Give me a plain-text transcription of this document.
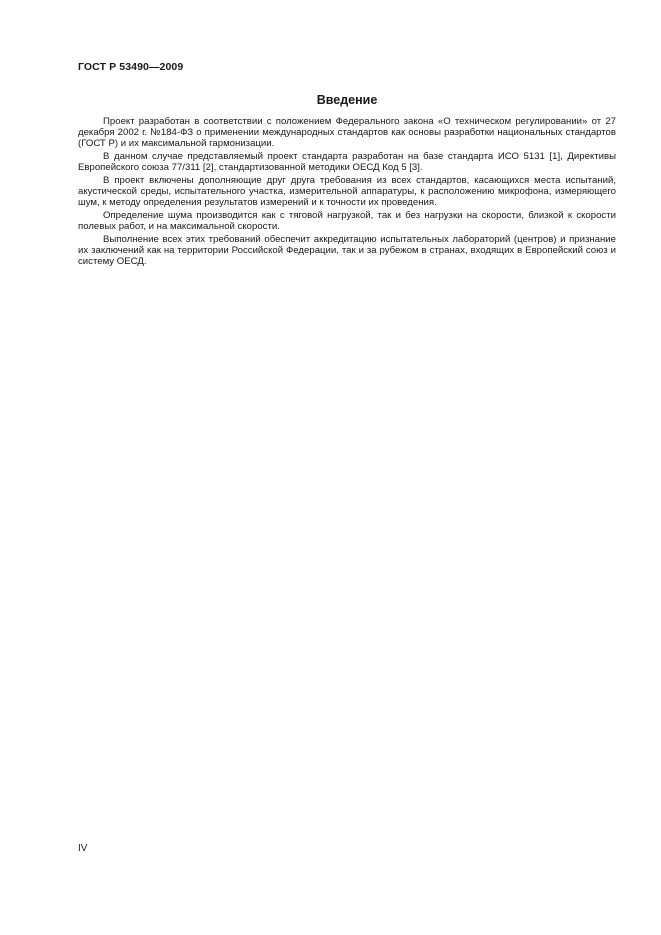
ГОСТ Р 53490—2009
Введение

Проект разработан в соответствии с положением Федерального закона «О техническом регулировании» от 27 декабря 2002 г. №184-ФЗ о применении международных стандартов как основы разработки национальных стандартов (ГОСТ Р) и их максимальной гармонизации.

В данном случае представляемый проект стандарта разработан на базе стандарта ИСО 5131 [1], Директивы Европейского союза 77/311 [2], стандартизованной методики ОЕСД Код 5 [3].

В проект включены дополняющие друг друга требования из всех стандартов, касающихся места испытаний, акустической среды, испытательного участка, измерительной аппаратуры, к расположению микрофона, измеряющего шум, к методу определения результатов измерений и к точности их проведения.

Определение шума производится как с тяговой нагрузкой, так и без нагрузки на скорости, близкой к скорости полевых работ, и на максимальной скорости.

Выполнение всех этих требований обеспечит аккредитацию испытательных лабораторий (центров) и признание их заключений как на территории Российской Федерации, так и за рубежом в странах, входящих в Европейский союз и систему ОЕСД.

IV
